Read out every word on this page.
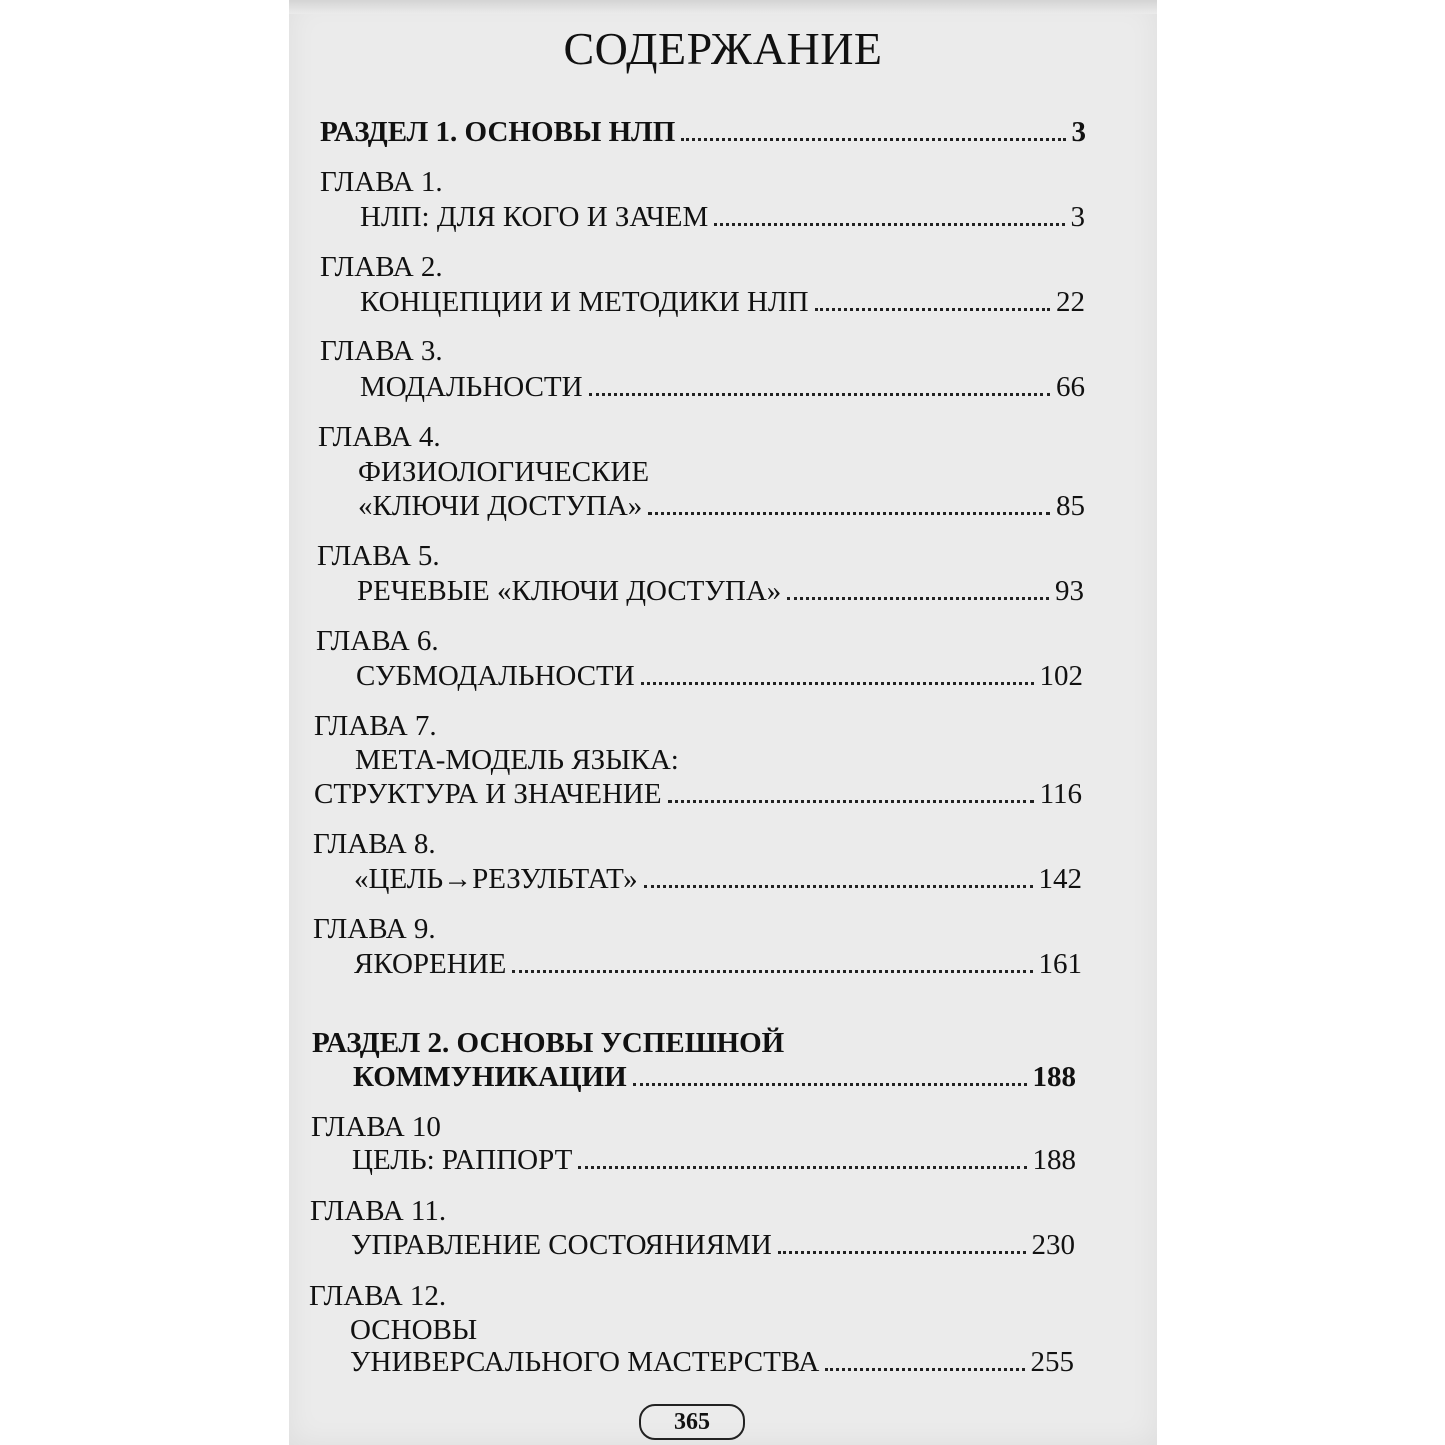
СОДЕРЖАНИЕ
РАЗДЕЛ 1. ОСНОВЫ НЛП	3
ГЛАВА 1.
НЛП: ДЛЯ КОГО И ЗАЧЕМ	3
ГЛАВА 2.
КОНЦЕПЦИИ И МЕТОДИКИ НЛП	22
ГЛАВА 3.
МОДАЛЬНОСТИ	66
ГЛАВА 4.
ФИЗИОЛОГИЧЕСКИЕ
«КЛЮЧИ ДОСТУПА»	85
ГЛАВА 5.
РЕЧЕВЫЕ «КЛЮЧИ ДОСТУПА»	93
ГЛАВА 6.
СУБМОДАЛЬНОСТИ	102
ГЛАВА 7.
МЕТА-МОДЕЛЬ ЯЗЫКА:
СТРУКТУРА И ЗНАЧЕНИЕ	116
ГЛАВА 8.
«ЦЕЛЬ→РЕЗУЛЬТАТ»	142
ГЛАВА 9.
ЯКОРЕНИЕ	161
РАЗДЕЛ 2. ОСНОВЫ УСПЕШНОЙ
КОММУНИКАЦИИ	188
ГЛАВА 10
ЦЕЛЬ: РАППОРТ	188
ГЛАВА 11.
УПРАВЛЕНИЕ СОСТОЯНИЯМИ	230
ГЛАВА 12.
ОСНОВЫ
УНИВЕРСАЛЬНОГО МАСТЕРСТВА	255
365
